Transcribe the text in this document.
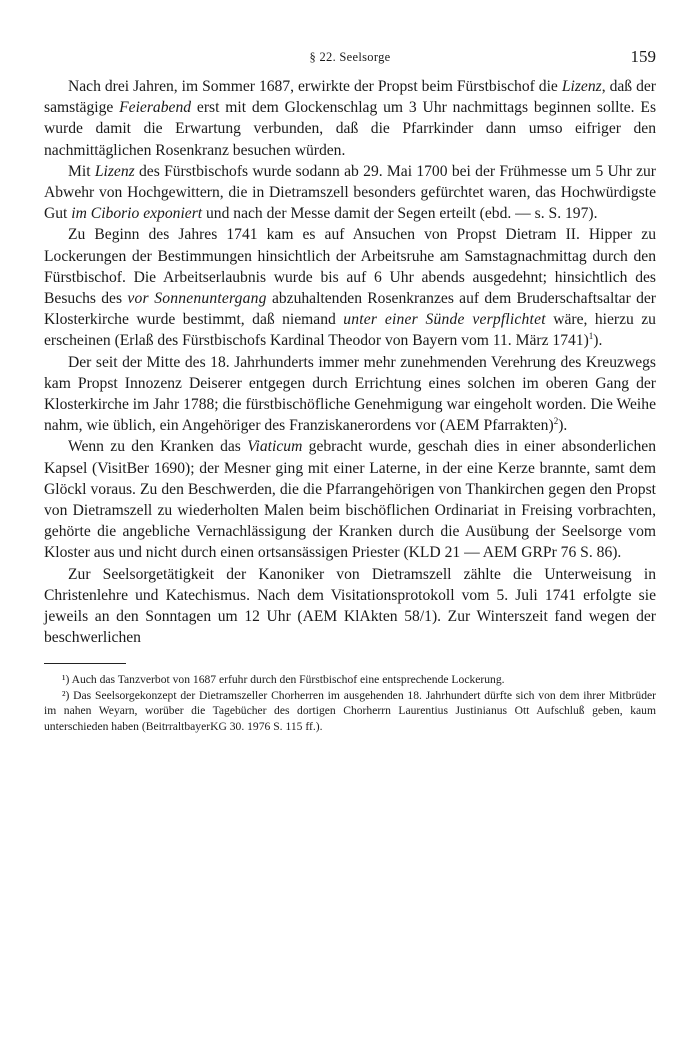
§ 22. Seelsorge	159

Nach drei Jahren, im Sommer 1687, erwirkte der Propst beim Fürstbischof die Lizenz, daß der samstägige Feierabend erst mit dem Glockenschlag um 3 Uhr nachmittags beginnen sollte. Es wurde damit die Erwartung verbunden, daß die Pfarrkinder dann umso eifriger den nachmittäglichen Rosenkranz besuchen würden.

Mit Lizenz des Fürstbischofs wurde sodann ab 29. Mai 1700 bei der Frühmesse um 5 Uhr zur Abwehr von Hochgewittern, die in Dietramszell besonders gefürchtet waren, das Hochwürdigste Gut im Ciborio exponiert und nach der Messe damit der Segen erteilt (ebd. — s. S. 197).

Zu Beginn des Jahres 1741 kam es auf Ansuchen von Propst Dietram II. Hipper zu Lockerungen der Bestimmungen hinsichtlich der Arbeitsruhe am Samstagnachmittag durch den Fürstbischof. Die Arbeitserlaubnis wurde bis auf 6 Uhr abends ausgedehnt; hinsichtlich des Besuchs des vor Sonnenuntergang abzuhaltenden Rosenkranzes auf dem Bruderschaftsaltar der Klosterkirche wurde bestimmt, daß niemand unter einer Sünde verpflichtet wäre, hierzu zu erscheinen (Erlaß des Fürstbischofs Kardinal Theodor von Bayern vom 11. März 1741)$^1$).

Der seit der Mitte des 18. Jahrhunderts immer mehr zunehmenden Verehrung des Kreuzwegs kam Propst Innozenz Deiserer entgegen durch Errichtung eines solchen im oberen Gang der Klosterkirche im Jahr 1788; die fürstbischöfliche Genehmigung war eingeholt worden. Die Weihe nahm, wie üblich, ein Angehöriger des Franziskanerordens vor (AEM Pfarrakten)$^2$).

Wenn zu den Kranken das Viaticum gebracht wurde, geschah dies in einer absonderlichen Kapsel (VisitBer 1690); der Mesner ging mit einer Laterne, in der eine Kerze brannte, samt dem Glöckl voraus. Zu den Beschwerden, die die Pfarrangehörigen von Thankirchen gegen den Propst von Dietramszell zu wiederholten Malen beim bischöflichen Ordinariat in Freising vorbrachten, gehörte die angebliche Vernachlässigung der Kranken durch die Ausübung der Seelsorge vom Kloster aus und nicht durch einen ortsansässigen Priester (KLD 21 — AEM GRPr 76 S. 86).

Zur Seelsorgetätigkeit der Kanoniker von Dietramszell zählte die Unterweisung in Christenlehre und Katechismus. Nach dem Visitationsprotokoll vom 5. Juli 1741 erfolgte sie jeweils an den Sonntagen um 12 Uhr (AEM KlAkten 58/1). Zur Winterszeit fand wegen der beschwerlichen

¹) Auch das Tanzverbot von 1687 erfuhr durch den Fürstbischof eine entsprechende Lockerung.

²) Das Seelsorgekonzept der Dietramszeller Chorherren im ausgehenden 18. Jahrhundert dürfte sich von dem ihrer Mitbrüder im nahen Weyarn, worüber die Tagebücher des dortigen Chorherrn Laurentius Justinianus Ott Aufschluß geben, kaum unterschieden haben (BeitrraltbayerKG 30. 1976 S. 115 ff.).
